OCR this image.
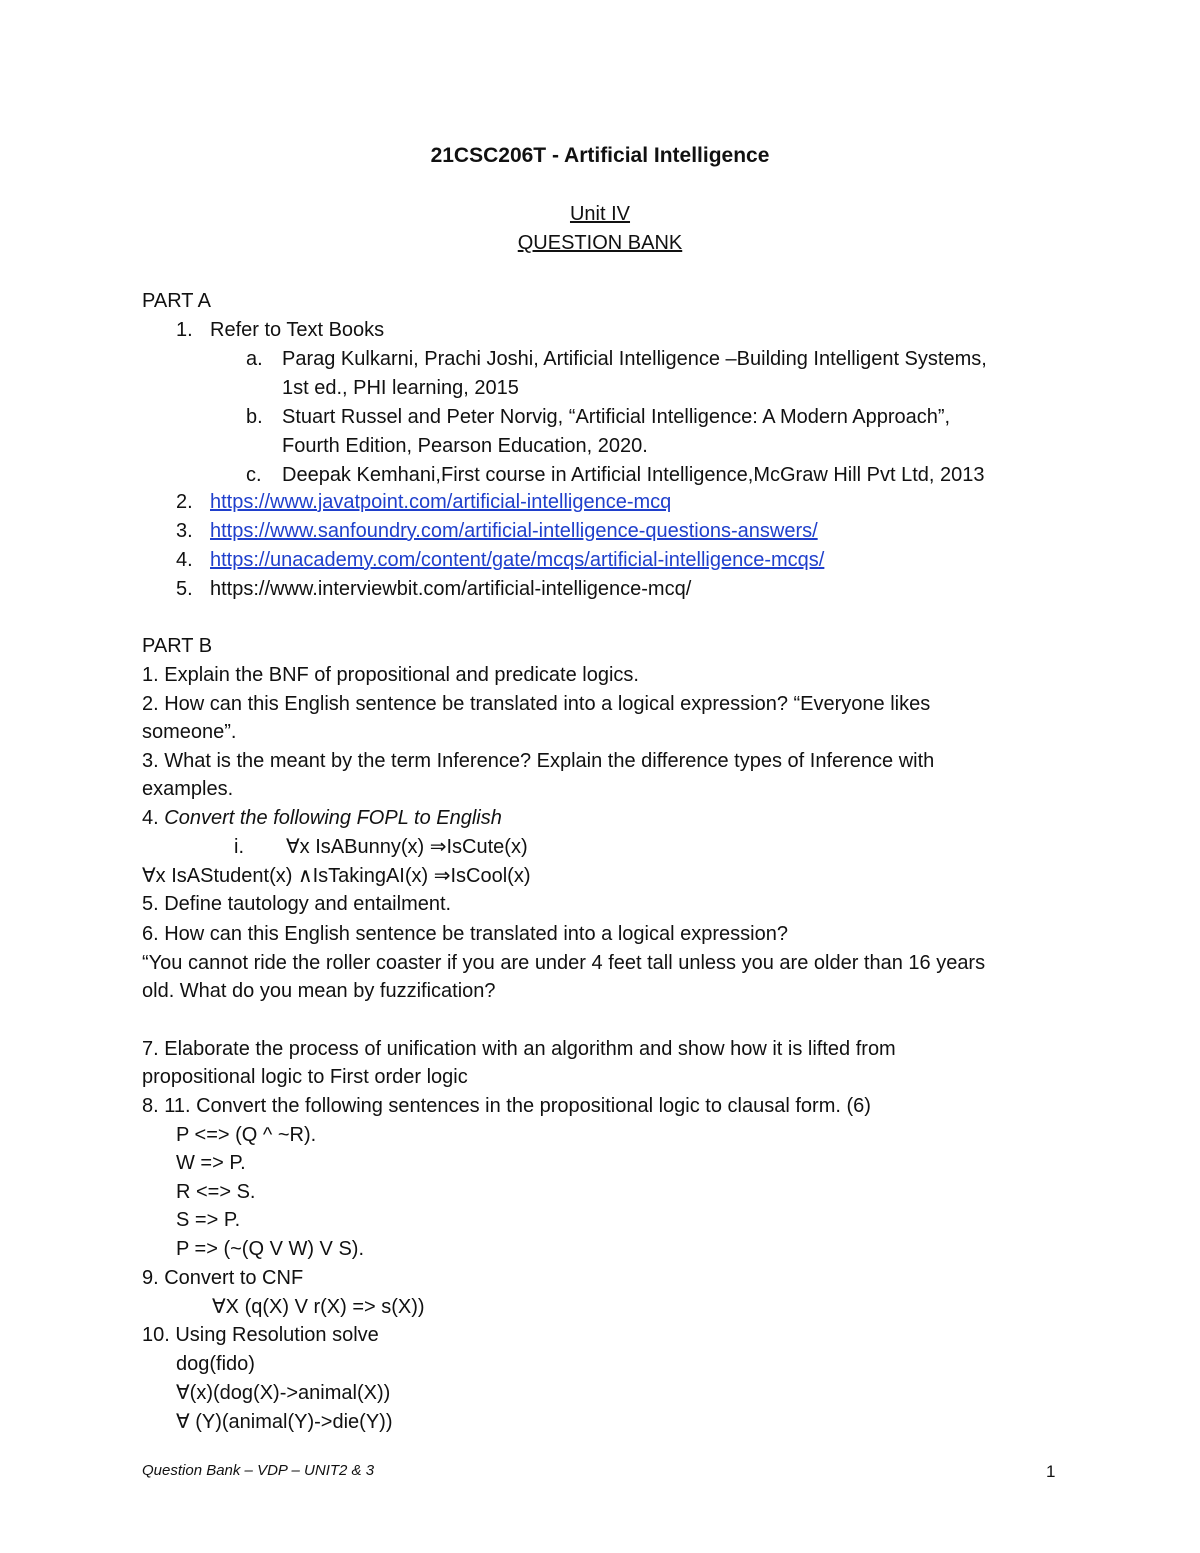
21CSC206T - Artificial Intelligence
Unit IV
QUESTION BANK
PART A
1. Refer to Text Books
a. Parag Kulkarni, Prachi Joshi, Artificial Intelligence –Building Intelligent Systems,
1st ed., PHI learning, 2015
b. Stuart Russel and Peter Norvig, “Artificial Intelligence: A Modern Approach”,
Fourth Edition, Pearson Education, 2020.
c. Deepak Kemhani,First course in Artificial Intelligence,McGraw Hill Pvt Ltd, 2013
2. https://www.javatpoint.com/artificial-intelligence-mcq
3. https://www.sanfoundry.com/artificial-intelligence-questions-answers/
4. https://unacademy.com/content/gate/mcqs/artificial-intelligence-mcqs/
5. https://www.interviewbit.com/artificial-intelligence-mcq/
PART B
1. Explain the BNF of propositional and predicate logics.
2. How can this English sentence be translated into a logical expression? “Everyone likes
someone”.
3. What is the meant by the term Inference? Explain the difference types of Inference with
examples.
4. Convert the following FOPL to English
i. ∀x IsABunny(x) ⇒IsCute(x)
∀x IsAStudent(x) ∧IsTakingAI(x) ⇒IsCool(x)
5. Define tautology and entailment.
6. How can this English sentence be translated into a logical expression?
“You cannot ride the roller coaster if you are under 4 feet tall unless you are older than 16 years
old. What do you mean by fuzzification?
7. Elaborate the process of unification with an algorithm and show how it is lifted from
propositional logic to First order logic
8. 11. Convert the following sentences in the propositional logic to clausal form. (6)
P <=> (Q ^ ~R).
W => P.
R <=> S.
S => P.
P => (~(Q V W) V S).
9. Convert to CNF
∀X (q(X) V r(X) => s(X))
10. Using Resolution solve
dog(fido)
∀(x)(dog(X)->animal(X))
∀ (Y)(animal(Y)->die(Y))
Question Bank – VDP – UNIT2 & 3	1
